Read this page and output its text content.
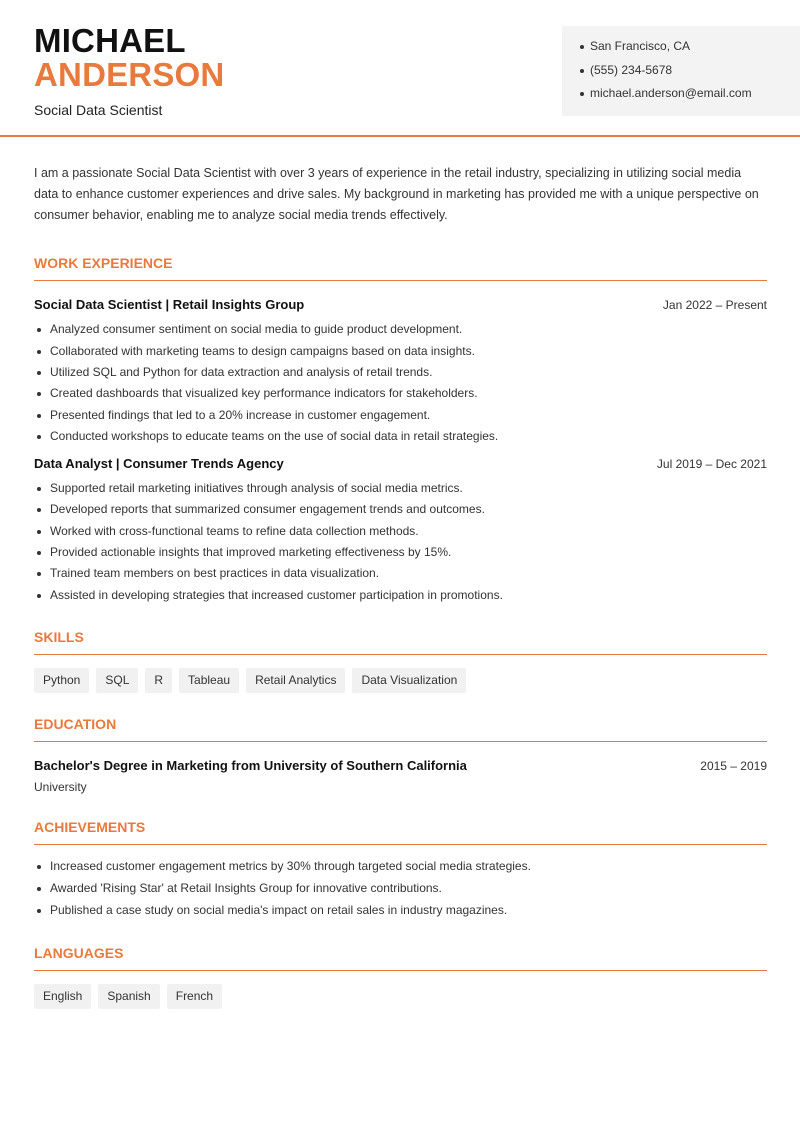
MICHAEL
ANDERSON
Social Data Scientist
San Francisco, CA
(555) 234-5678
michael.anderson@email.com

I am a passionate Social Data Scientist with over 3 years of experience in the retail industry, specializing in utilizing social media data to enhance customer experiences and drive sales. My background in marketing has provided me with a unique perspective on consumer behavior, enabling me to analyze social media trends effectively.

WORK EXPERIENCE
Social Data Scientist | Retail Insights Group	Jan 2022 – Present
Analyzed consumer sentiment on social media to guide product development.
Collaborated with marketing teams to design campaigns based on data insights.
Utilized SQL and Python for data extraction and analysis of retail trends.
Created dashboards that visualized key performance indicators for stakeholders.
Presented findings that led to a 20% increase in customer engagement.
Conducted workshops to educate teams on the use of social data in retail strategies.
Data Analyst | Consumer Trends Agency	Jul 2019 – Dec 2021
Supported retail marketing initiatives through analysis of social media metrics.
Developed reports that summarized consumer engagement trends and outcomes.
Worked with cross-functional teams to refine data collection methods.
Provided actionable insights that improved marketing effectiveness by 15%.
Trained team members on best practices in data visualization.
Assisted in developing strategies that increased customer participation in promotions.
SKILLS
Python	SQL	R	Tableau	Retail Analytics	Data Visualization
EDUCATION
Bachelor's Degree in Marketing from University of Southern California	2015 – 2019
University
ACHIEVEMENTS
Increased customer engagement metrics by 30% through targeted social media strategies.
Awarded 'Rising Star' at Retail Insights Group for innovative contributions.
Published a case study on social media's impact on retail sales in industry magazines.
LANGUAGES
English	Spanish	French
